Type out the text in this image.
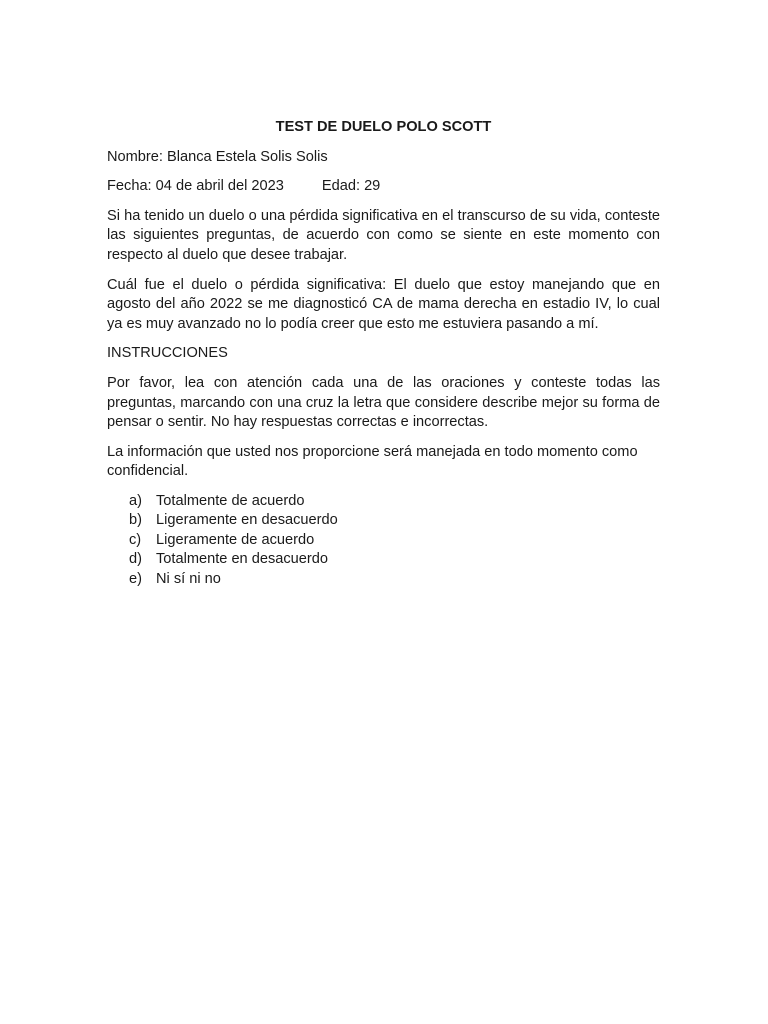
TEST DE DUELO POLO SCOTT
Nombre: Blanca Estela Solis Solis
Fecha: 04 de abril del 2023	Edad: 29

Si ha tenido un duelo o una pérdida significativa en el transcurso de su vida, conteste las siguientes preguntas, de acuerdo con como se siente en este momento con respecto al duelo que desee trabajar.

Cuál fue el duelo o pérdida significativa: El duelo que estoy manejando que en agosto del año 2022 se me diagnosticó CA de mama derecha en estadio IV, lo cual ya es muy avanzado no lo podía creer que esto me estuviera pasando a mí.

INSTRUCCIONES

Por favor, lea con atención cada una de las oraciones y conteste todas las preguntas, marcando con una cruz la letra que considere describe mejor su forma de pensar o sentir. No hay respuestas correctas e incorrectas.

La información que usted nos proporcione será manejada en todo momento como confidencial.

a) Totalmente de acuerdo
b) Ligeramente en desacuerdo
c)	Ligeramente de acuerdo
d) Totalmente en desacuerdo
e) Ni sí ni no
